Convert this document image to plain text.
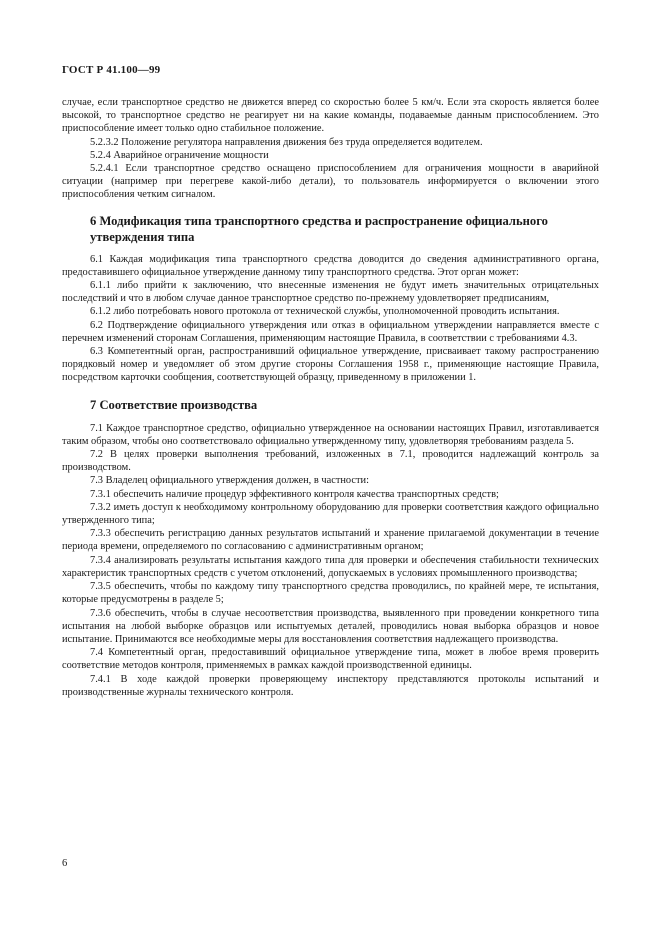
ГОСТ Р 41.100—99

случае, если транспортное средство не движется вперед со скоростью более 5 км/ч. Если эта скорость является более высокой, то транспортное средство не реагирует ни на какие команды, подаваемые данным приспособлением. Это приспособление имеет только одно стабильное положение.

5.2.3.2 Положение регулятора направления движения без труда определяется водителем.

5.2.4 Аварийное ограничение мощности

5.2.4.1 Если транспортное средство оснащено приспособлением для ограничения мощности в аварийной ситуации (например при перегреве какой-либо детали), то пользователь информируется о включении этого приспособления четким сигналом.

6 Модификация типа транспортного средства и распространение официального
утверждения типа

6.1 Каждая модификация типа транспортного средства доводится до сведения административного органа, предоставившего официальное утверждение данному типу транспортного средства. Этот орган может:

6.1.1 либо прийти к заключению, что внесенные изменения не будут иметь значительных отрицательных последствий и что в любом случае данное транспортное средство по-прежнему удовлетворяет предписаниям,

6.1.2 либо потребовать нового протокола от технической службы, уполномоченной проводить испытания.

6.2 Подтверждение официального утверждения или отказ в официальном утверждении направляется вместе с перечнем изменений сторонам Соглашения, применяющим настоящие Правила, в соответствии с требованиями 4.3.

6.3 Компетентный орган, распространивший официальное утверждение, присваивает такому распространению порядковый номер и уведомляет об этом другие стороны Соглашения 1958 г., применяющие настоящие Правила, посредством карточки сообщения, соответствующей образцу, приведенному в приложении 1.

7 Соответствие производства

7.1 Каждое транспортное средство, официально утвержденное на основании настоящих Правил, изготавливается таким образом, чтобы оно соответствовало официально утвержденному типу, удовлетворяя требованиям раздела 5.

7.2 В целях проверки выполнения требований, изложенных в 7.1, проводится надлежащий контроль за производством.

7.3 Владелец официального утверждения должен, в частности:

7.3.1 обеспечить наличие процедур эффективного контроля качества транспортных средств;

7.3.2 иметь доступ к необходимому контрольному оборудованию для проверки соответствия каждого официально утвержденного типа;

7.3.3 обеспечить регистрацию данных результатов испытаний и хранение прилагаемой документации в течение периода времени, определяемого по согласованию с административным органом;

7.3.4 анализировать результаты испытания каждого типа для проверки и обеспечения стабильности технических характеристик транспортных средств с учетом отклонений, допускаемых в условиях промышленного производства;

7.3.5 обеспечить, чтобы по каждому типу транспортного средства проводились, по крайней мере, те испытания, которые предусмотрены в разделе 5;

7.3.6 обеспечить, чтобы в случае несоответствия производства, выявленного при проведении конкретного типа испытания на любой выборке образцов или испытуемых деталей, проводились новая выборка образцов и новое испытание. Принимаются все необходимые меры для восстановления соответствия надлежащего производства.

7.4 Компетентный орган, предоставивший официальное утверждение типа, может в любое время проверить соответствие методов контроля, применяемых в рамках каждой производственной единицы.

7.4.1 В ходе каждой проверки проверяющему инспектору представляются протоколы испытаний и производственные журналы технического контроля.

6
